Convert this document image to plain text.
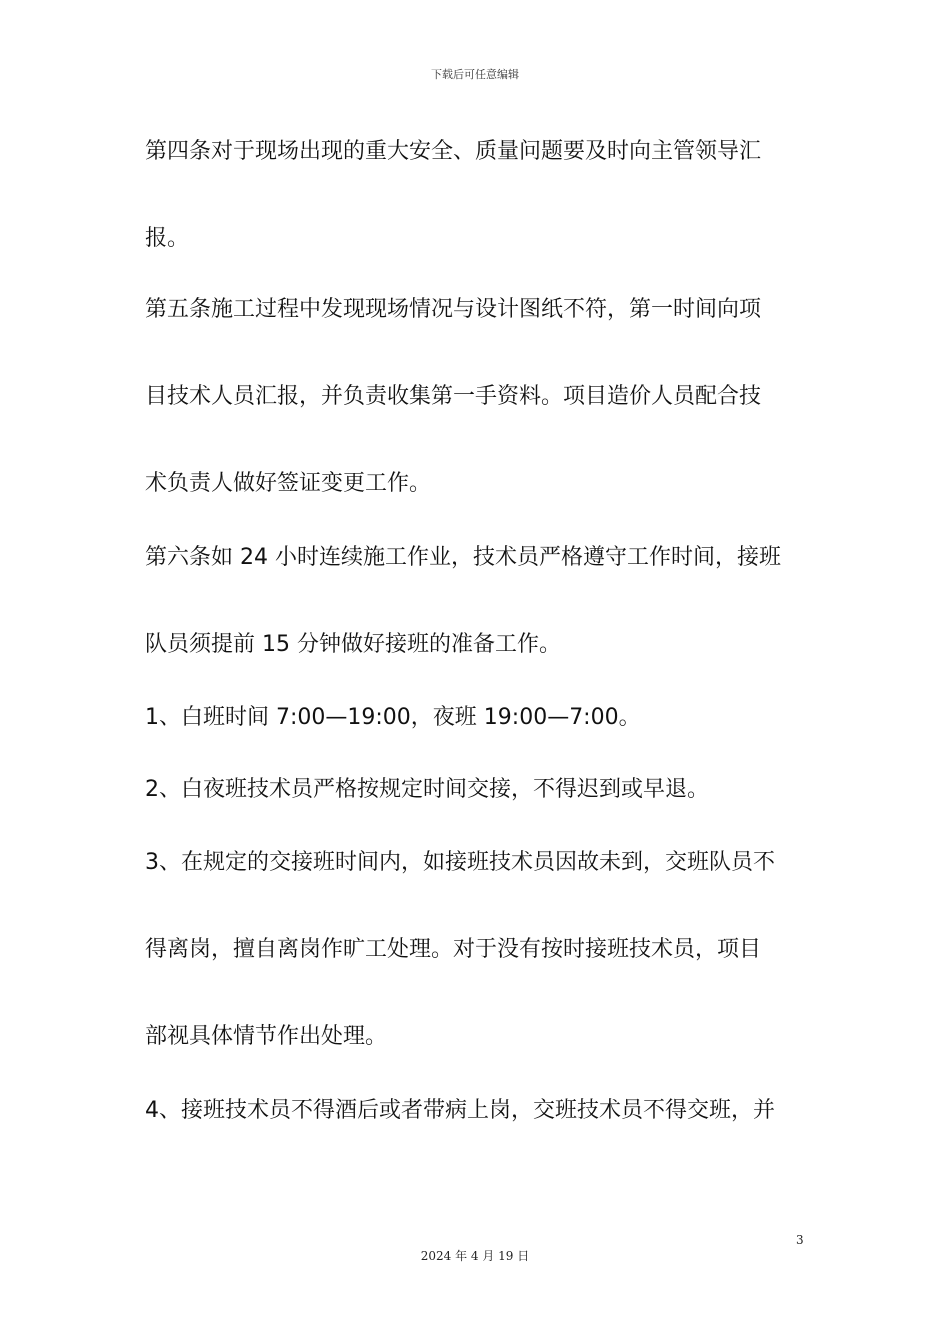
下载后可任意编辑
第四条对于现场出现的重大安全、质量问题要及时向主管领导汇
报。
第五条施工过程中发现现场情况与设计图纸不符，第一时间向项
目技术人员汇报，并负责收集第一手资料。项目造价人员配合技
术负责人做好签证变更工作。
第六条如 24 小时连续施工作业，技术员严格遵守工作时间，接班
队员须提前 15 分钟做好接班的准备工作。
1、白班时间 7:00—19:00，夜班 19:00—7:00。
2、白夜班技术员严格按规定时间交接，不得迟到或早退。
3、在规定的交接班时间内，如接班技术员因故未到，交班队员不
得离岗，擅自离岗作旷工处理。对于没有按时接班技术员，项目
部视具体情节作出处理。
4、接班技术员不得酒后或者带病上岗，交班技术员不得交班，并
3
2024 年 4 月 19 日
